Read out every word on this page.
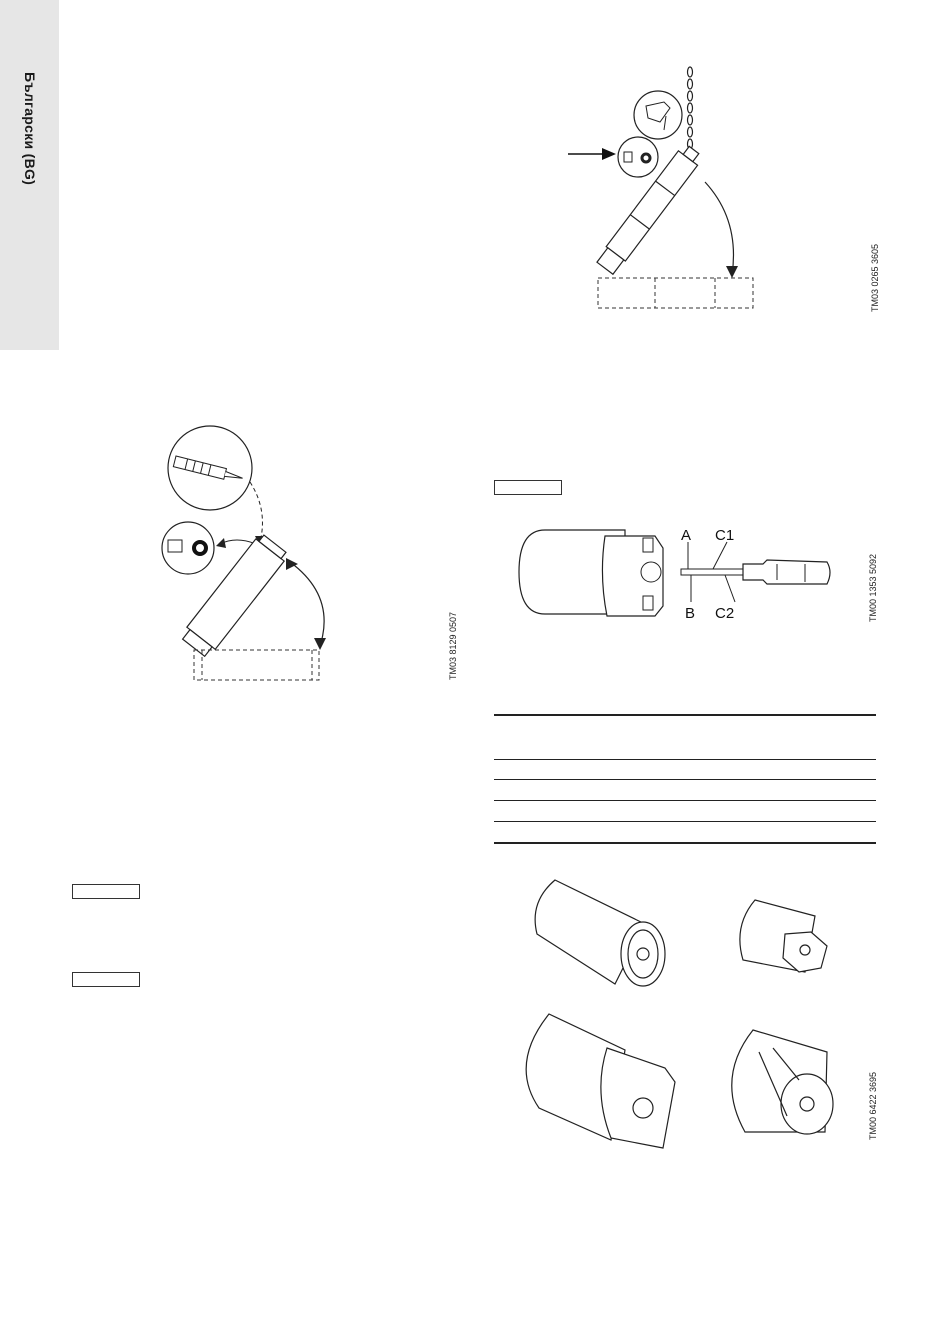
Български (BG)
TM03 0265 3605
TM03 8129 0507
A C1
B C2	TM00 1353 5092
TM00 6422 3695
